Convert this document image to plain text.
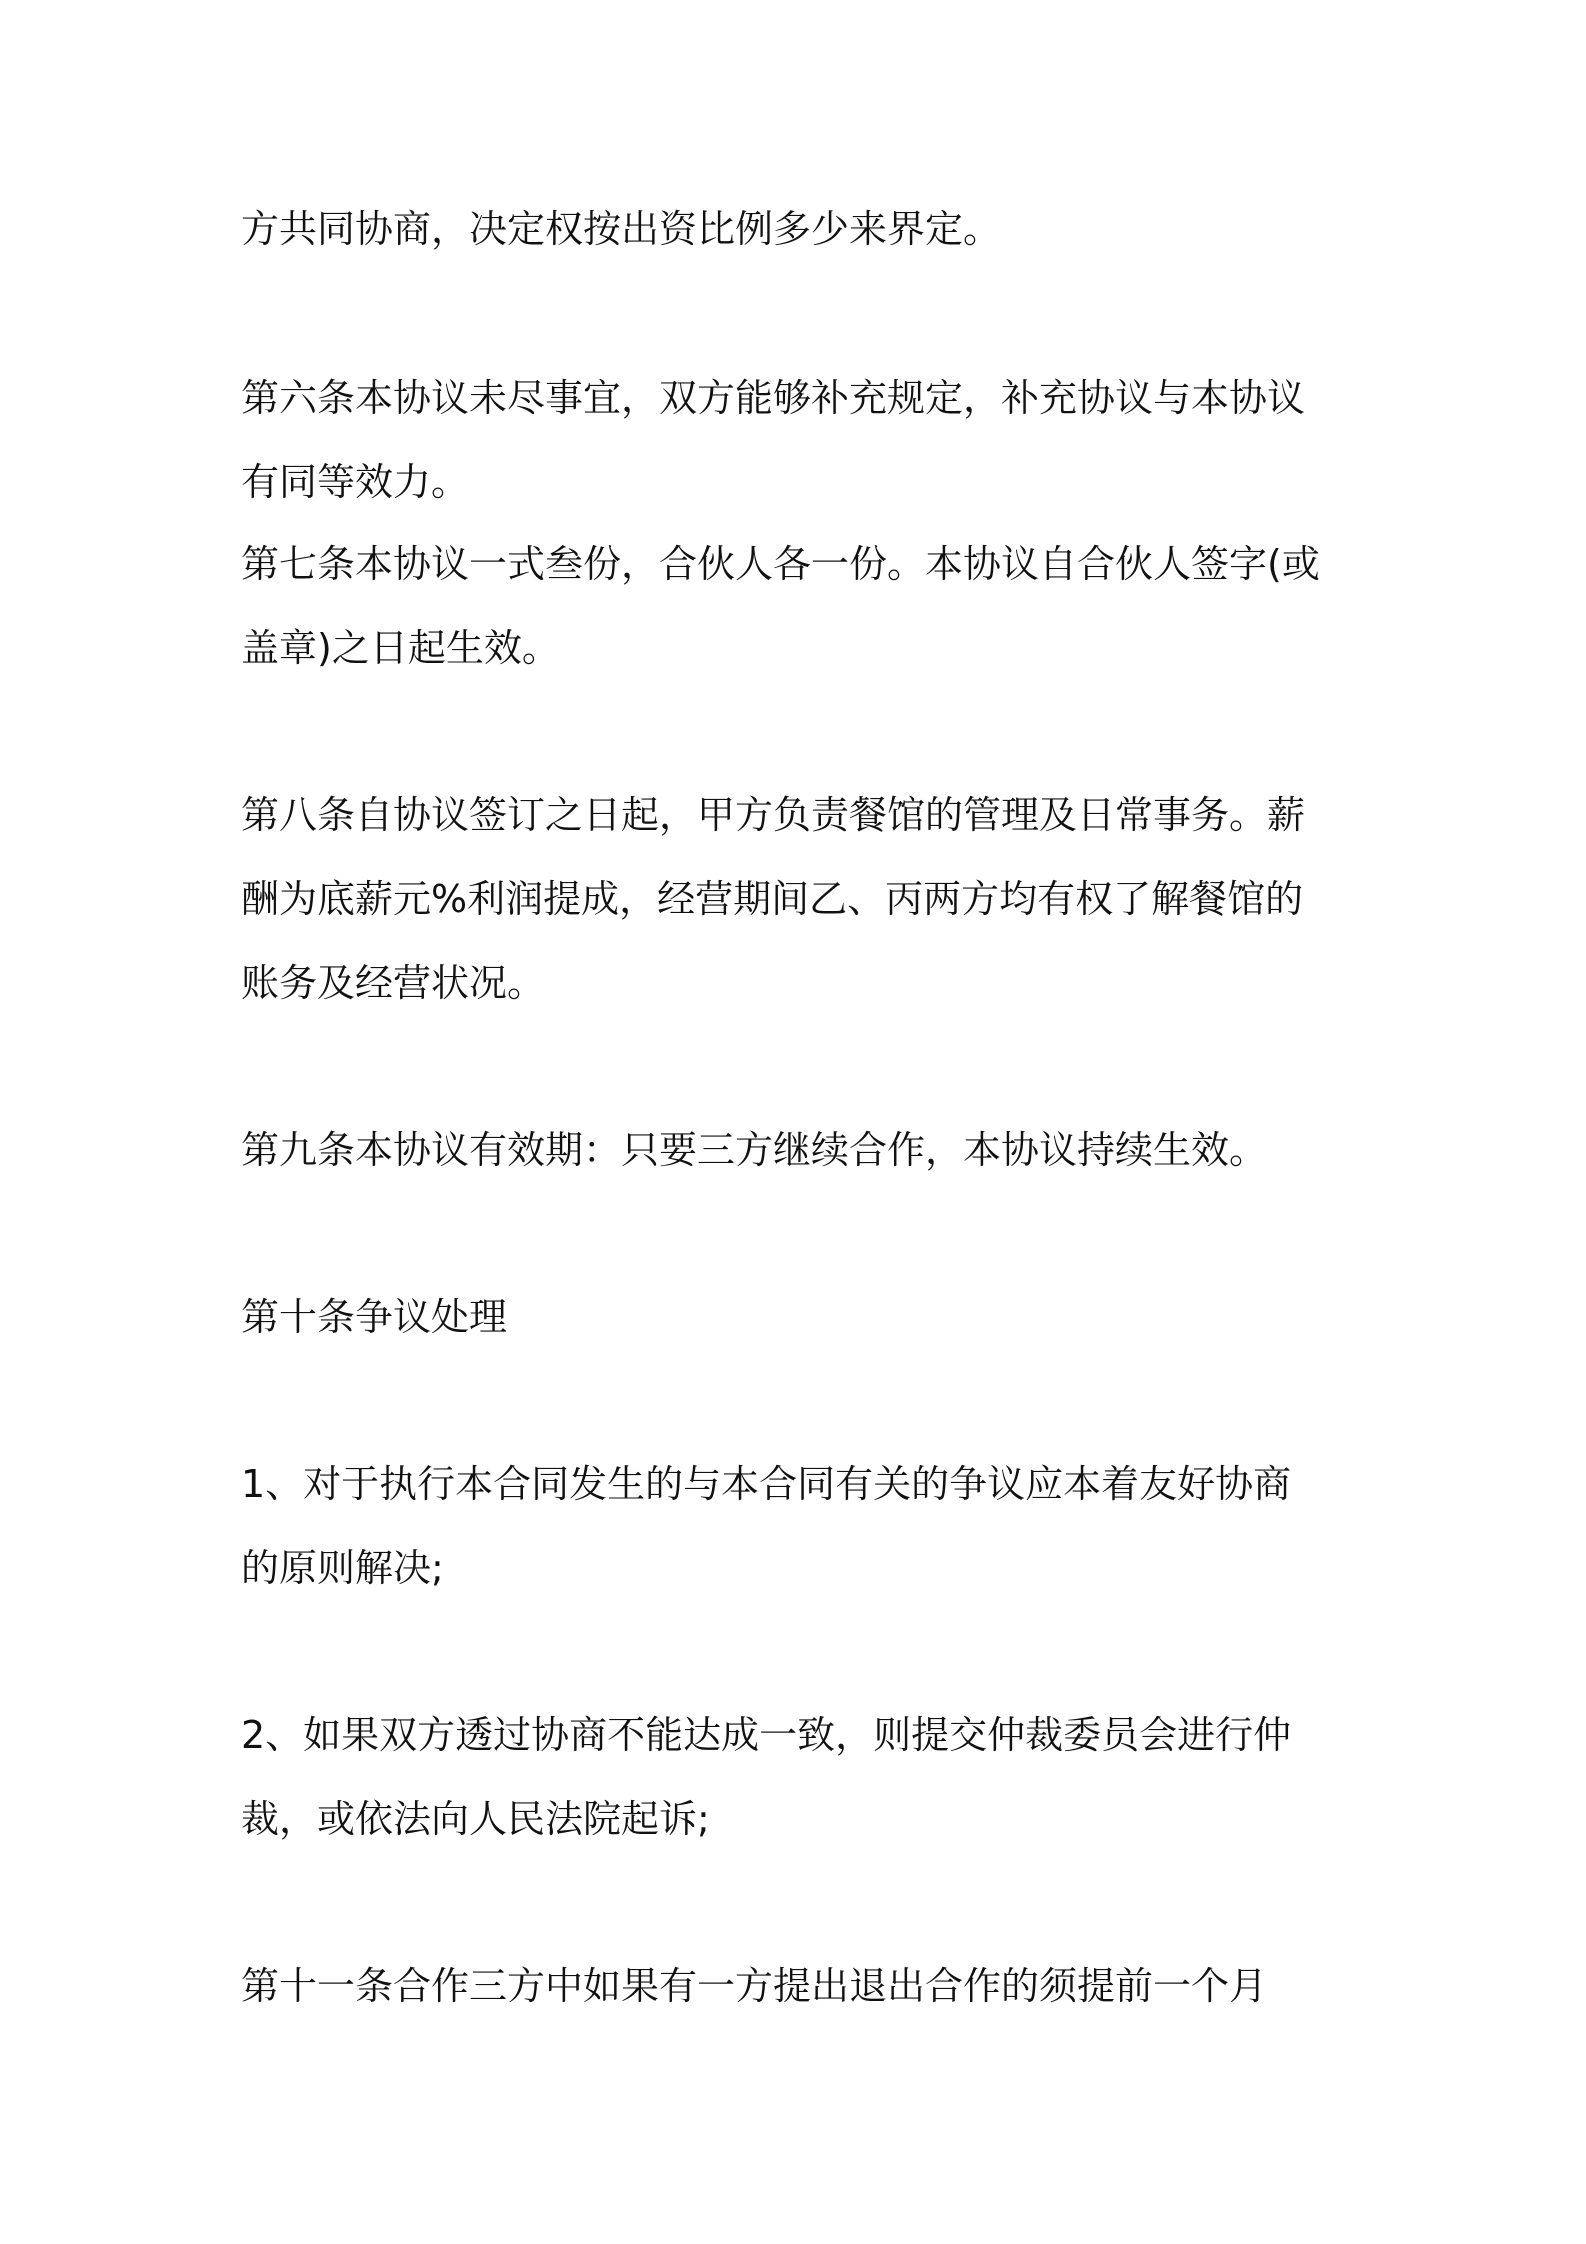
方共同协商，决定权按出资比例多少来界定。
第六条本协议未尽事宜，双方能够补充规定，补充协议与本协议
有同等效力。
第七条本协议一式叁份，合伙人各一份。本协议自合伙人签字(或
盖章)之日起生效。
第八条自协议签订之日起，甲方负责餐馆的管理及日常事务。薪
酬为底薪元%利润提成，经营期间乙、丙两方均有权了解餐馆的
账务及经营状况。
第九条本协议有效期：只要三方继续合作，本协议持续生效。
第十条争议处理
1、对于执行本合同发生的与本合同有关的争议应本着友好协商
的原则解决;
2、如果双方透过协商不能达成一致，则提交仲裁委员会进行仲
裁，或依法向人民法院起诉;
第十一条合作三方中如果有一方提出退出合作的须提前一个月
